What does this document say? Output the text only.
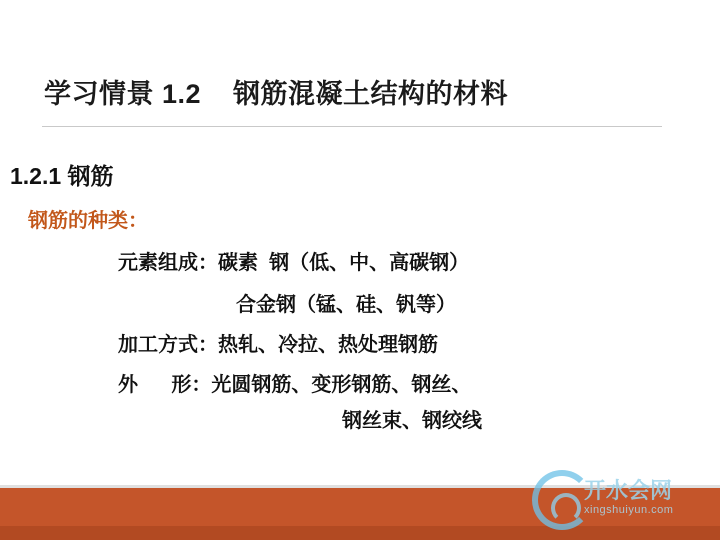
学习情景 1.2    钢筋混凝土结构的材料
1.2.1 钢筋
钢筋的种类：
元素组成：碳素  钢（低、中、高碳钢）
合金钢（锰、硅、钒等）
加工方式：热轧、冷拉、热处理钢筋
外      形：光圆钢筋、变形钢筋、钢丝、
钢丝束、钢绞线
开水会网
xingshuiyun.com
